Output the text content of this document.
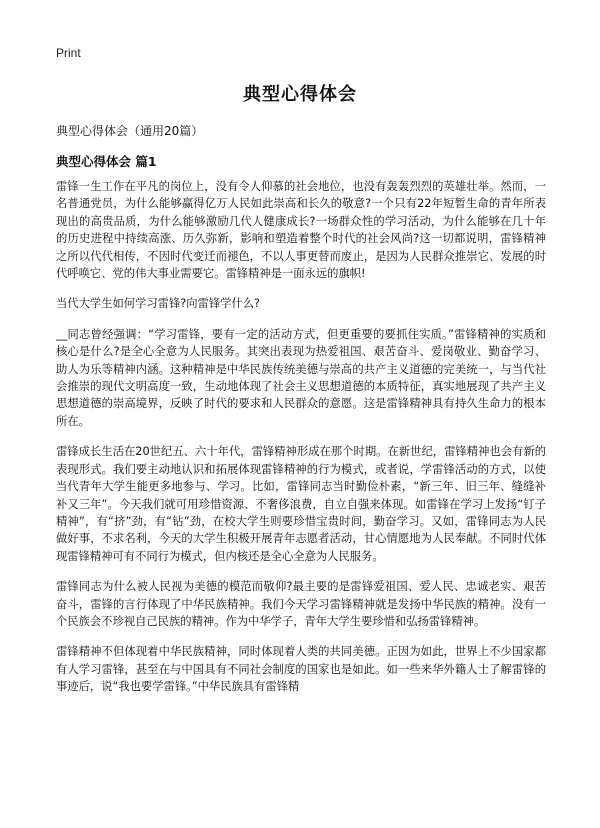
Print
典型心得体会

典型心得体会（通用20篇）

典型心得体会 篇1

雷锋一生工作在平凡的岗位上，没有令人仰慕的社会地位，也没有轰轰烈烈的英雄壮举。然而，一名普通党员，为什么能够赢得亿万人民如此崇高和长久的敬意?一个只有22年短暂生命的青年所表现出的高贵品质，为什么能够激励几代人健康成长?一场群众性的学习活动，为什么能够在几十年的历史进程中持续高涨、历久弥新，影响和塑造着整个时代的社会风尚?这一切都说明，雷锋精神之所以代代相传，不因时代变迁而褪色，不以人事更替而废止，是因为人民群众推崇它、发展的时代呼唤它、党的伟大事业需要它。雷锋精神是一面永远的旗帜!

当代大学生如何学习雷锋?向雷锋学什么?

__同志曾经强调：“学习雷锋，要有一定的活动方式，但更重要的要抓住实质。”雷锋精神的实质和核心是什么?是全心全意为人民服务。其突出表现为热爱祖国、艰苦奋斗、爱岗敬业、勤奋学习、助人为乐等精神内涵。这种精神是中华民族传统美德与崇高的共产主义道德的完美统一，与当代社会推崇的现代文明高度一致，生动地体现了社会主义思想道德的本质特征，真实地展现了共产主义思想道德的崇高境界，反映了时代的要求和人民群众的意愿。这是雷锋精神具有持久生命力的根本所在。

雷锋成长生活在20世纪五、六十年代，雷锋精神形成在那个时期。在新世纪，雷锋精神也会有新的表现形式。我们要主动地认识和拓展体现雷锋精神的行为模式，或者说，学雷锋活动的方式，以使当代青年大学生能更多地参与、学习。比如，雷锋同志当时勤俭朴素，“新三年、旧三年、缝缝补补又三年”。今天我们就可用珍惜资源、不奢侈浪费，自立自强来体现。如雷锋在学习上发扬“钉子精神”，有“挤”劲，有“钻”劲，在校大学生则要珍惜宝贵时间，勤奋学习。又如，雷锋同志为人民做好事，不求名利，今天的大学生积极开展青年志愿者活动，甘心情愿地为人民奉献。不同时代体现雷锋精神可有不同行为模式，但内核还是全心全意为人民服务。

雷锋同志为什么被人民视为美德的模范而敬仰?最主要的是雷锋爱祖国、爱人民、忠诚老实、艰苦奋斗，雷锋的言行体现了中华民族精神。我们今天学习雷锋精神就是发扬中华民族的精神。没有一个民族会不珍视自己民族的精神。作为中华学子，青年大学生要珍惜和弘扬雷锋精神。

雷锋精神不但体现着中华民族精神，同时体现着人类的共同美德。正因为如此，世界上不少国家都有人学习雷锋，甚至在与中国具有不同社会制度的国家也是如此。如一些来华外籍人士了解雷锋的事迹后，说“我也要学雷锋。”中华民族具有雷锋精
